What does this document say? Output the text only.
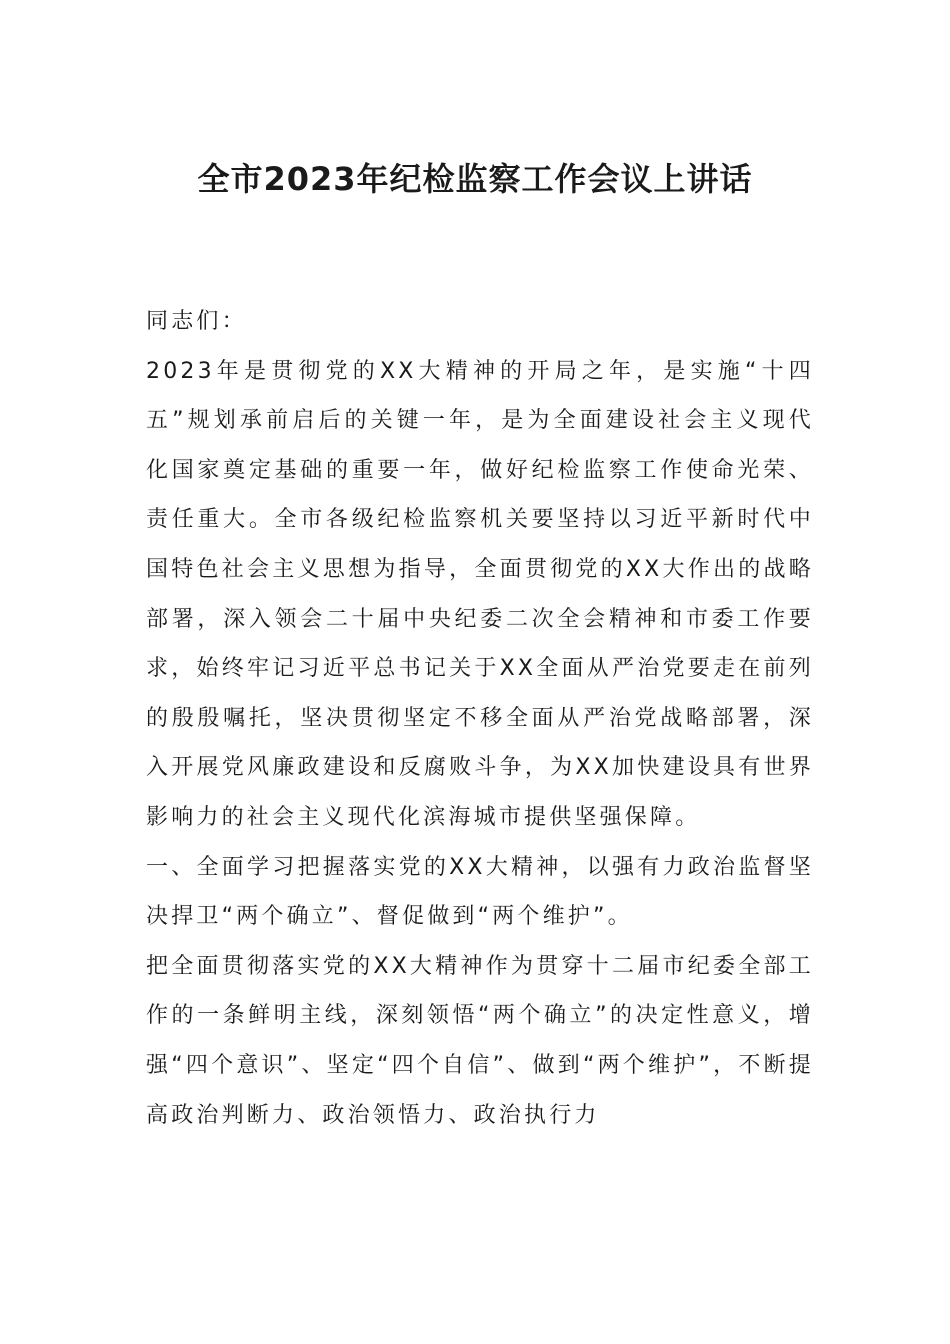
全市2023年纪检监察工作会议上讲话

同志们：

2023年是贯彻党的XX大精神的开局之年，是实施“十四五”规划承前启后的关键一年，是为全面建设社会主义现代化国家奠定基础的重要一年，做好纪检监察工作使命光荣、责任重大。全市各级纪检监察机关要坚持以习近平新时代中国特色社会主义思想为指导，全面贯彻党的XX大作出的战略部署，深入领会二十届中央纪委二次全会精神和市委工作要求，始终牢记习近平总书记关于XX全面从严治党要走在前列的殷殷嘱托，坚决贯彻坚定不移全面从严治党战略部署，深入开展党风廉政建设和反腐败斗争，为XX加快建设具有世界影响力的社会主义现代化滨海城市提供坚强保障。

一、全面学习把握落实党的XX大精神，以强有力政治监督坚决捍卫“两个确立”、督促做到“两个维护”。

把全面贯彻落实党的XX大精神作为贯穿十二届市纪委全部工作的一条鲜明主线，深刻领悟“两个确立”的决定性意义，增强“四个意识”、坚定“四个自信”、做到“两个维护”，不断提高政治判断力、政治领悟力、政治执行力
